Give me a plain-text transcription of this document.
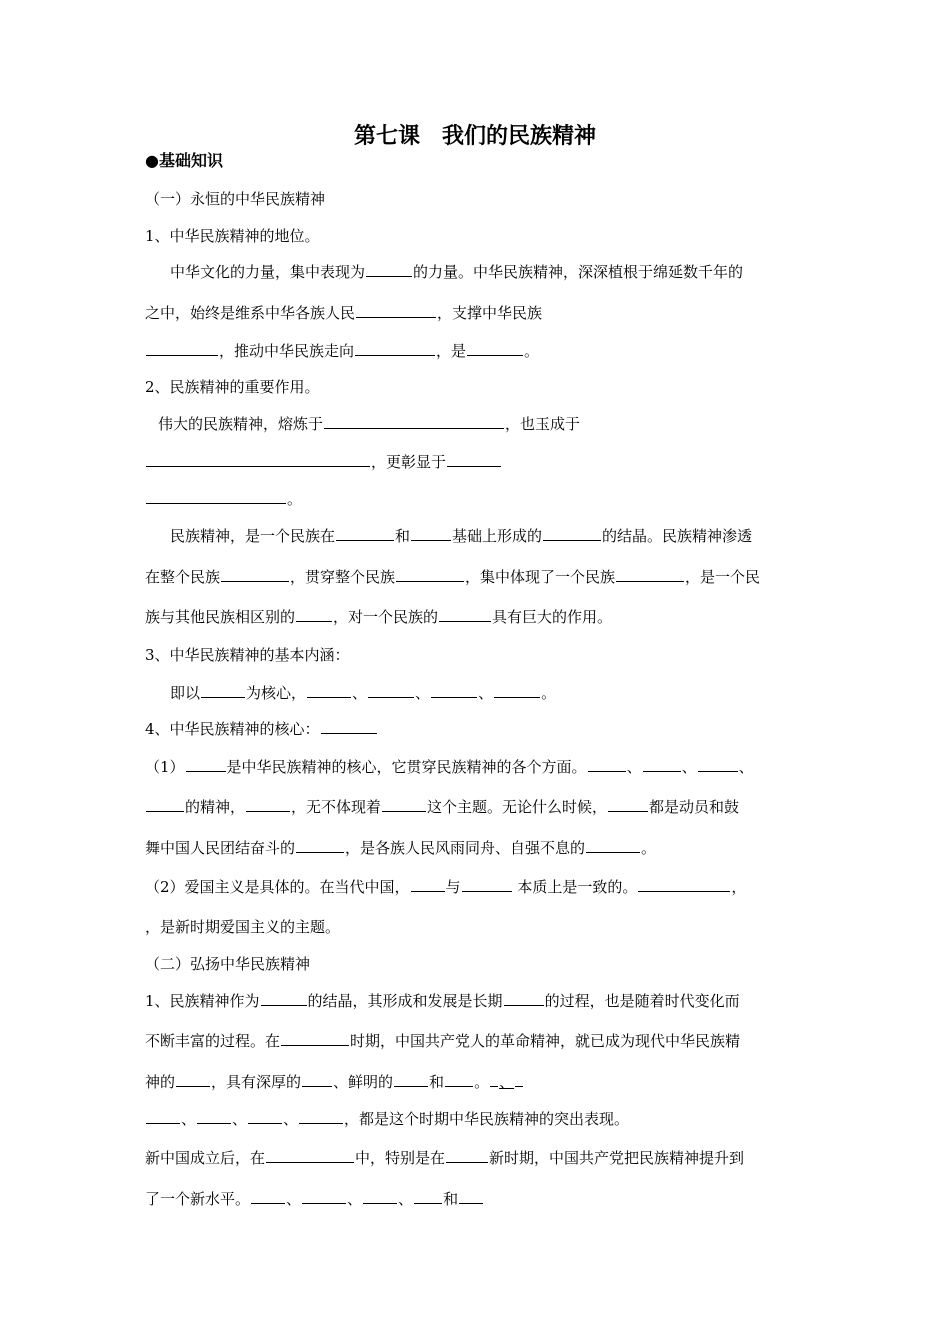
第七课　我们的民族精神
●基础知识
（一）永恒的中华民族精神
1、中华民族精神的地位。
中华文化的力量，集中表现为	的力量。中华民族精神，深深植根于绵延数千年的
之中，始终是维系中华各族人民	，支撑中华民族
，推动中华民族走向	，是	。
2、民族精神的重要作用。
伟大的民族精神，熔炼于	，也玉成于
，更彰显于
。
民族精神，是一个民族在	和	基础上形成的	的结晶。民族精神渗透
在整个民族	，贯穿整个民族	，集中体现了一个民族	，是一个民
族与其他民族相区别的	，对一个民族的	具有巨大的作用。
3、中华民族精神的基本内涵：
即以	为核心，	、	、	、	。
4、中华民族精神的核心：
（1）	是中华民族精神的核心，它贯穿民族精神的各个方面。	、	、	、
的精神，	，无不体现着	这个主题。无论什么时候，	都是动员和鼓
舞中国人民团结奋斗的	，是各族人民风雨同舟、自强不息的	。
（2）爱国主义是具体的。在当代中国， 与	本质上是一致的。	，
，是新时期爱国主义的主题。
（二）弘扬中华民族精神
1、民族精神作为	的结晶，其形成和发展是长期	的过程，也是随着时代变化而
不断丰富的过程。在	时期，中国共产党人的革命精神，就已成为现代中华民族精
神的 ，具有深厚的 、鲜明的 和 。 、
、 、 、	，都是这个时期中华民族精神的突出表现。
新中国成立后，在	中，特别是在	新时期，中国共产党把民族精神提升到
了一个新水平。 、	、 、 和
